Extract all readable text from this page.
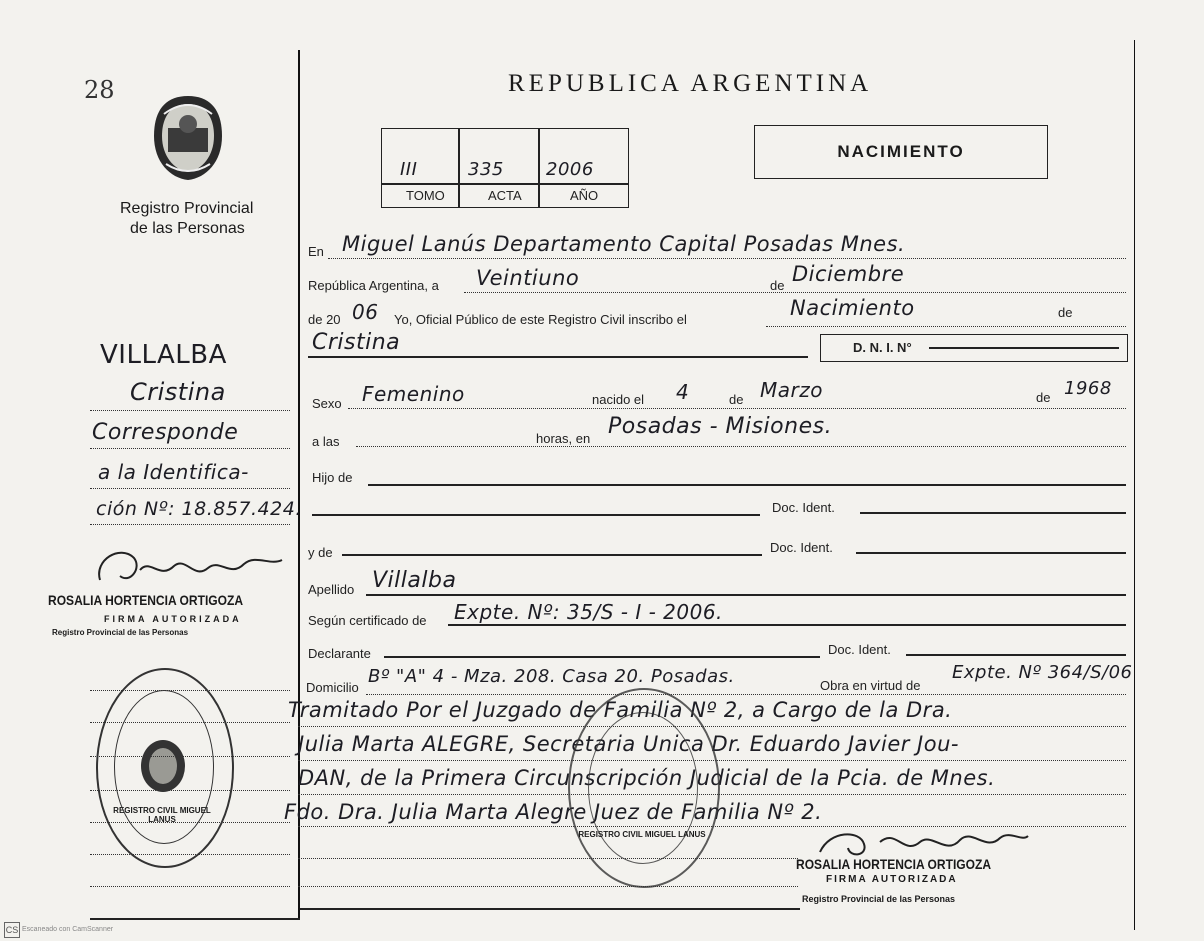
28	REPUBLICA ARGENTINA
Registro Provincial
de las Personas
III	335 2006
TOMO	ACTA	AÑO
NACIMIENTO
En Miguel Lanús Departamento Capital Posadas Mnes.
República Argentina, a Veintiuno	de Diciembre
de 20 06 Yo, Oficial Público de este Registro Civil inscribo el	Nacimiento	de
Cristina	D. N. I. N°
Sexo Femenino	nacido el 4	de Marzo	de 1968
a las	horas, en Posadas - Misiones.
Hijo de
Doc. Ident.
y de	Doc. Ident.
Apellido Villalba
Según certificado de Expte. Nº: 35/S - I - 2006.
Declarante	Doc. Ident.
Domicilio
Bº "A" 4 - Mza. 208. Casa 20. Posadas.	Obra en virtud de
Expte. Nº 364/S/06
Tramitado Por el Juzgado de Familia Nº 2, a Cargo de la Dra.
Julia Marta ALEGRE, Secretaria Unica Dr. Eduardo Javier Jou-
DAN, de la Primera Circunscripción Judicial de la Pcia. de Mnes.
Fdo. Dra. Julia Marta Alegre Juez de Familia Nº 2.
VILLALBA
Cristina
Corresponde
a la Identifica-
ción Nº: 18.857.424.
ROSALIA HORTENCIA ORTIGOZA
FIRMA AUTORIZADA
Registro Provincial de las Personas
REGISTRO CIVIL MIGUEL LANUS
REGISTRO CIVIL MIGUEL LANUS
ROSALIA HORTENCIA ORTIGOZA
FIRMA AUTORIZADA
Registro Provincial de las Personas
CS Escaneado con CamScanner
